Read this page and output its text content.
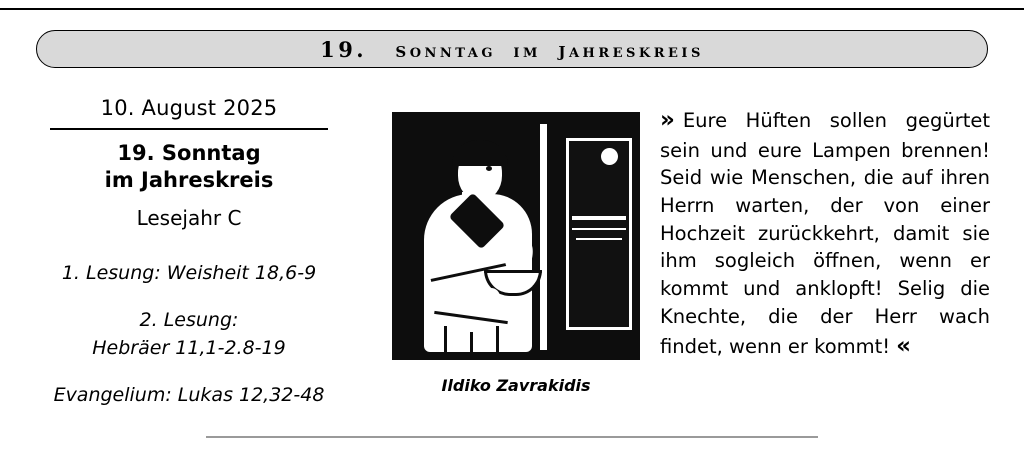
19.   SONNTAG IM  JAHRESKREIS
10. August 2025
19. Sonntag
im Jahreskreis
Lesejahr C
1. Lesung: Weisheit 18,6-9
2. Lesung:
Hebräer 11,1-2.8-19
Evangelium: Lukas 12,32-48	Ildiko Zavrakidis
» Eure Hüften sollen gegürtet sein und eure Lampen brennen! Seid wie Menschen, die auf ihren Herrn warten, der von einer Hochzeit zurückkehrt, damit sie ihm sogleich öffnen, wenn er kommt und anklopft! Selig die Knechte, die der Herr wach findet, wenn er kommt! «
